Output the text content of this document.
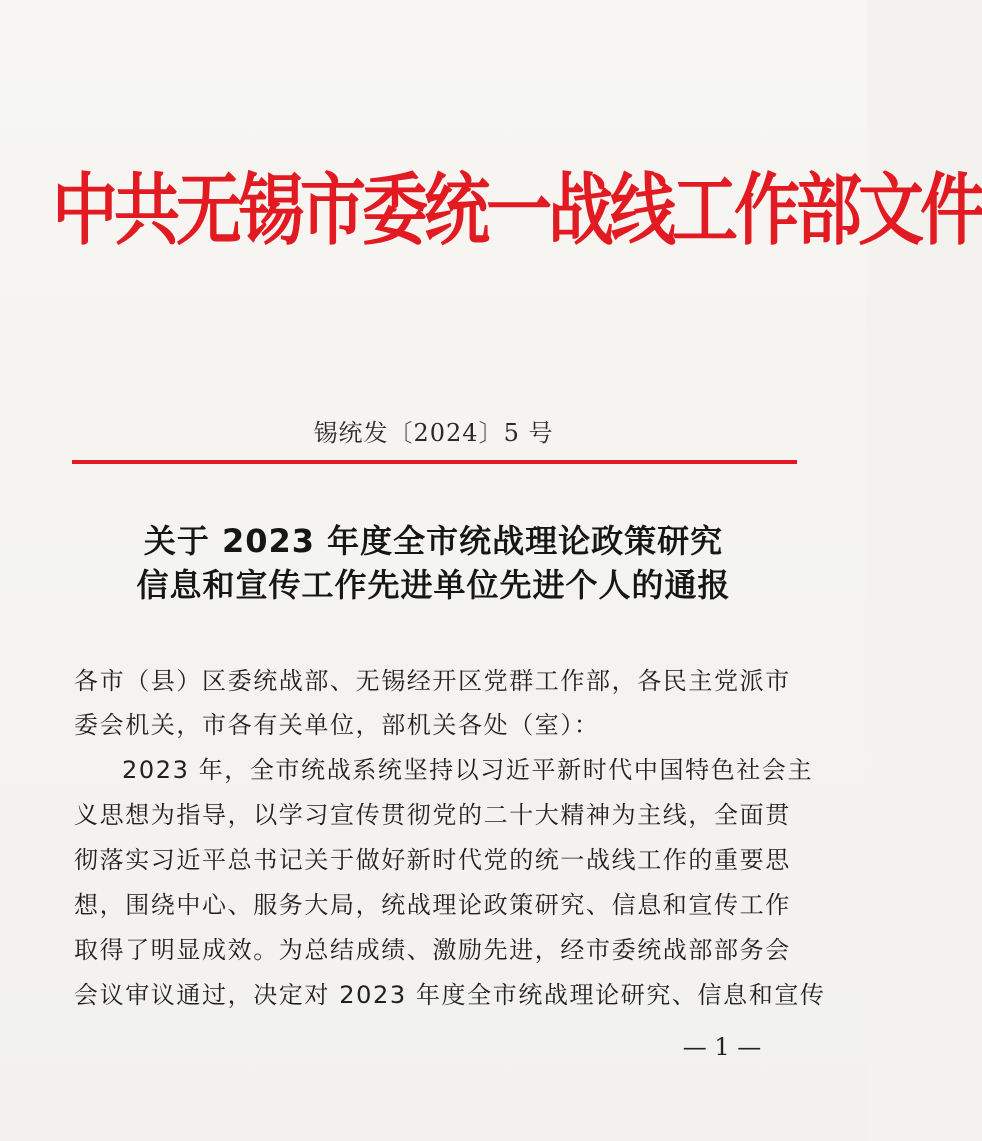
中共无锡市委统一战线工作部文件
锡统发〔2024〕5 号
关于 2023 年度全市统战理论政策研究
信息和宣传工作先进单位先进个人的通报
各市（县）区委统战部、无锡经开区党群工作部，各民主党派市
委会机关，市各有关单位，部机关各处（室）：
2023 年，全市统战系统坚持以习近平新时代中国特色社会主
义思想为指导，以学习宣传贯彻党的二十大精神为主线，全面贯
彻落实习近平总书记关于做好新时代党的统一战线工作的重要思
想，围绕中心、服务大局，统战理论政策研究、信息和宣传工作
取得了明显成效。为总结成绩、激励先进，经市委统战部部务会
会议审议通过，决定对 2023 年度全市统战理论研究、信息和宣传
— 1 —
